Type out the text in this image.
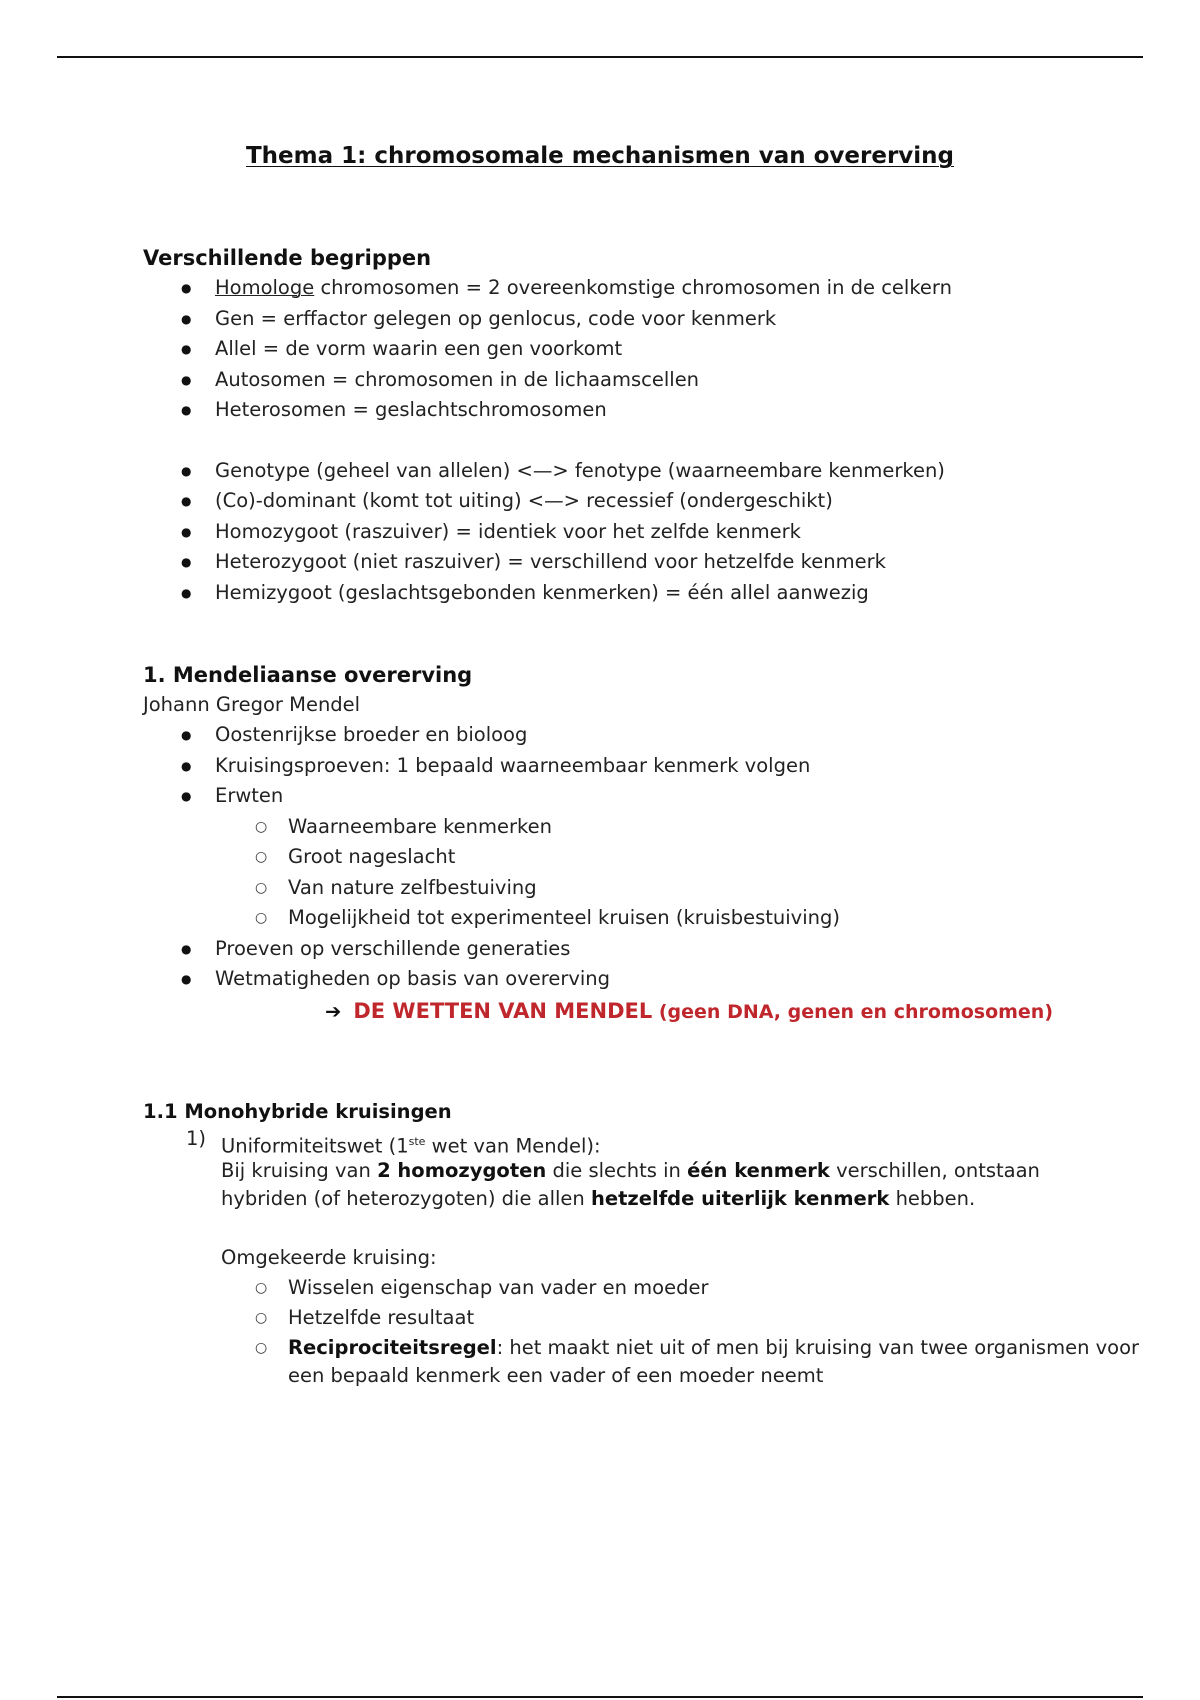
Thema 1: chromosomale mechanismen van overerving
Verschillende begrippen
● Homologe chromosomen = 2 overeenkomstige chromosomen in de celkern
● Gen = erffactor gelegen op genlocus, code voor kenmerk
● Allel = de vorm waarin een gen voorkomt
● Autosomen = chromosomen in de lichaamscellen
● Heterosomen = geslachtschromosomen
● Genotype (geheel van allelen) <—> fenotype (waarneembare kenmerken)
● (Co)-dominant (komt tot uiting) <—> recessief (ondergeschikt)
● Homozygoot (raszuiver) = identiek voor het zelfde kenmerk
● Heterozygoot (niet raszuiver) = verschillend voor hetzelfde kenmerk
● Hemizygoot (geslachtsgebonden kenmerken) = één allel aanwezig
1. Mendeliaanse overerving
Johann Gregor Mendel
● Oostenrijkse broeder en bioloog
● Kruisingsproeven: 1 bepaald waarneembaar kenmerk volgen
● Erwten
○ Waarneembare kenmerken
○ Groot nageslacht
○ Van nature zelfbestuiving
○ Mogelijkheid tot experimenteel kruisen (kruisbestuiving)
● Proeven op verschillende generaties
● Wetmatigheden op basis van overerving
➔ DE WETTEN VAN MENDEL (geen DNA, genen en chromosomen)
1.1 Monohybride kruisingen
1) Uniformiteitswet (1ste wet van Mendel):
Bij kruising van 2 homozygoten die slechts in één kenmerk verschillen, ontstaan hybriden (of heterozygoten) die allen hetzelfde uiterlijk kenmerk hebben.
Omgekeerde kruising:
○ Wisselen eigenschap van vader en moeder
○ Hetzelfde resultaat
○ Reciprociteitsregel: het maakt niet uit of men bij kruising van twee organismen voor een bepaald kenmerk een vader of een moeder neemt
